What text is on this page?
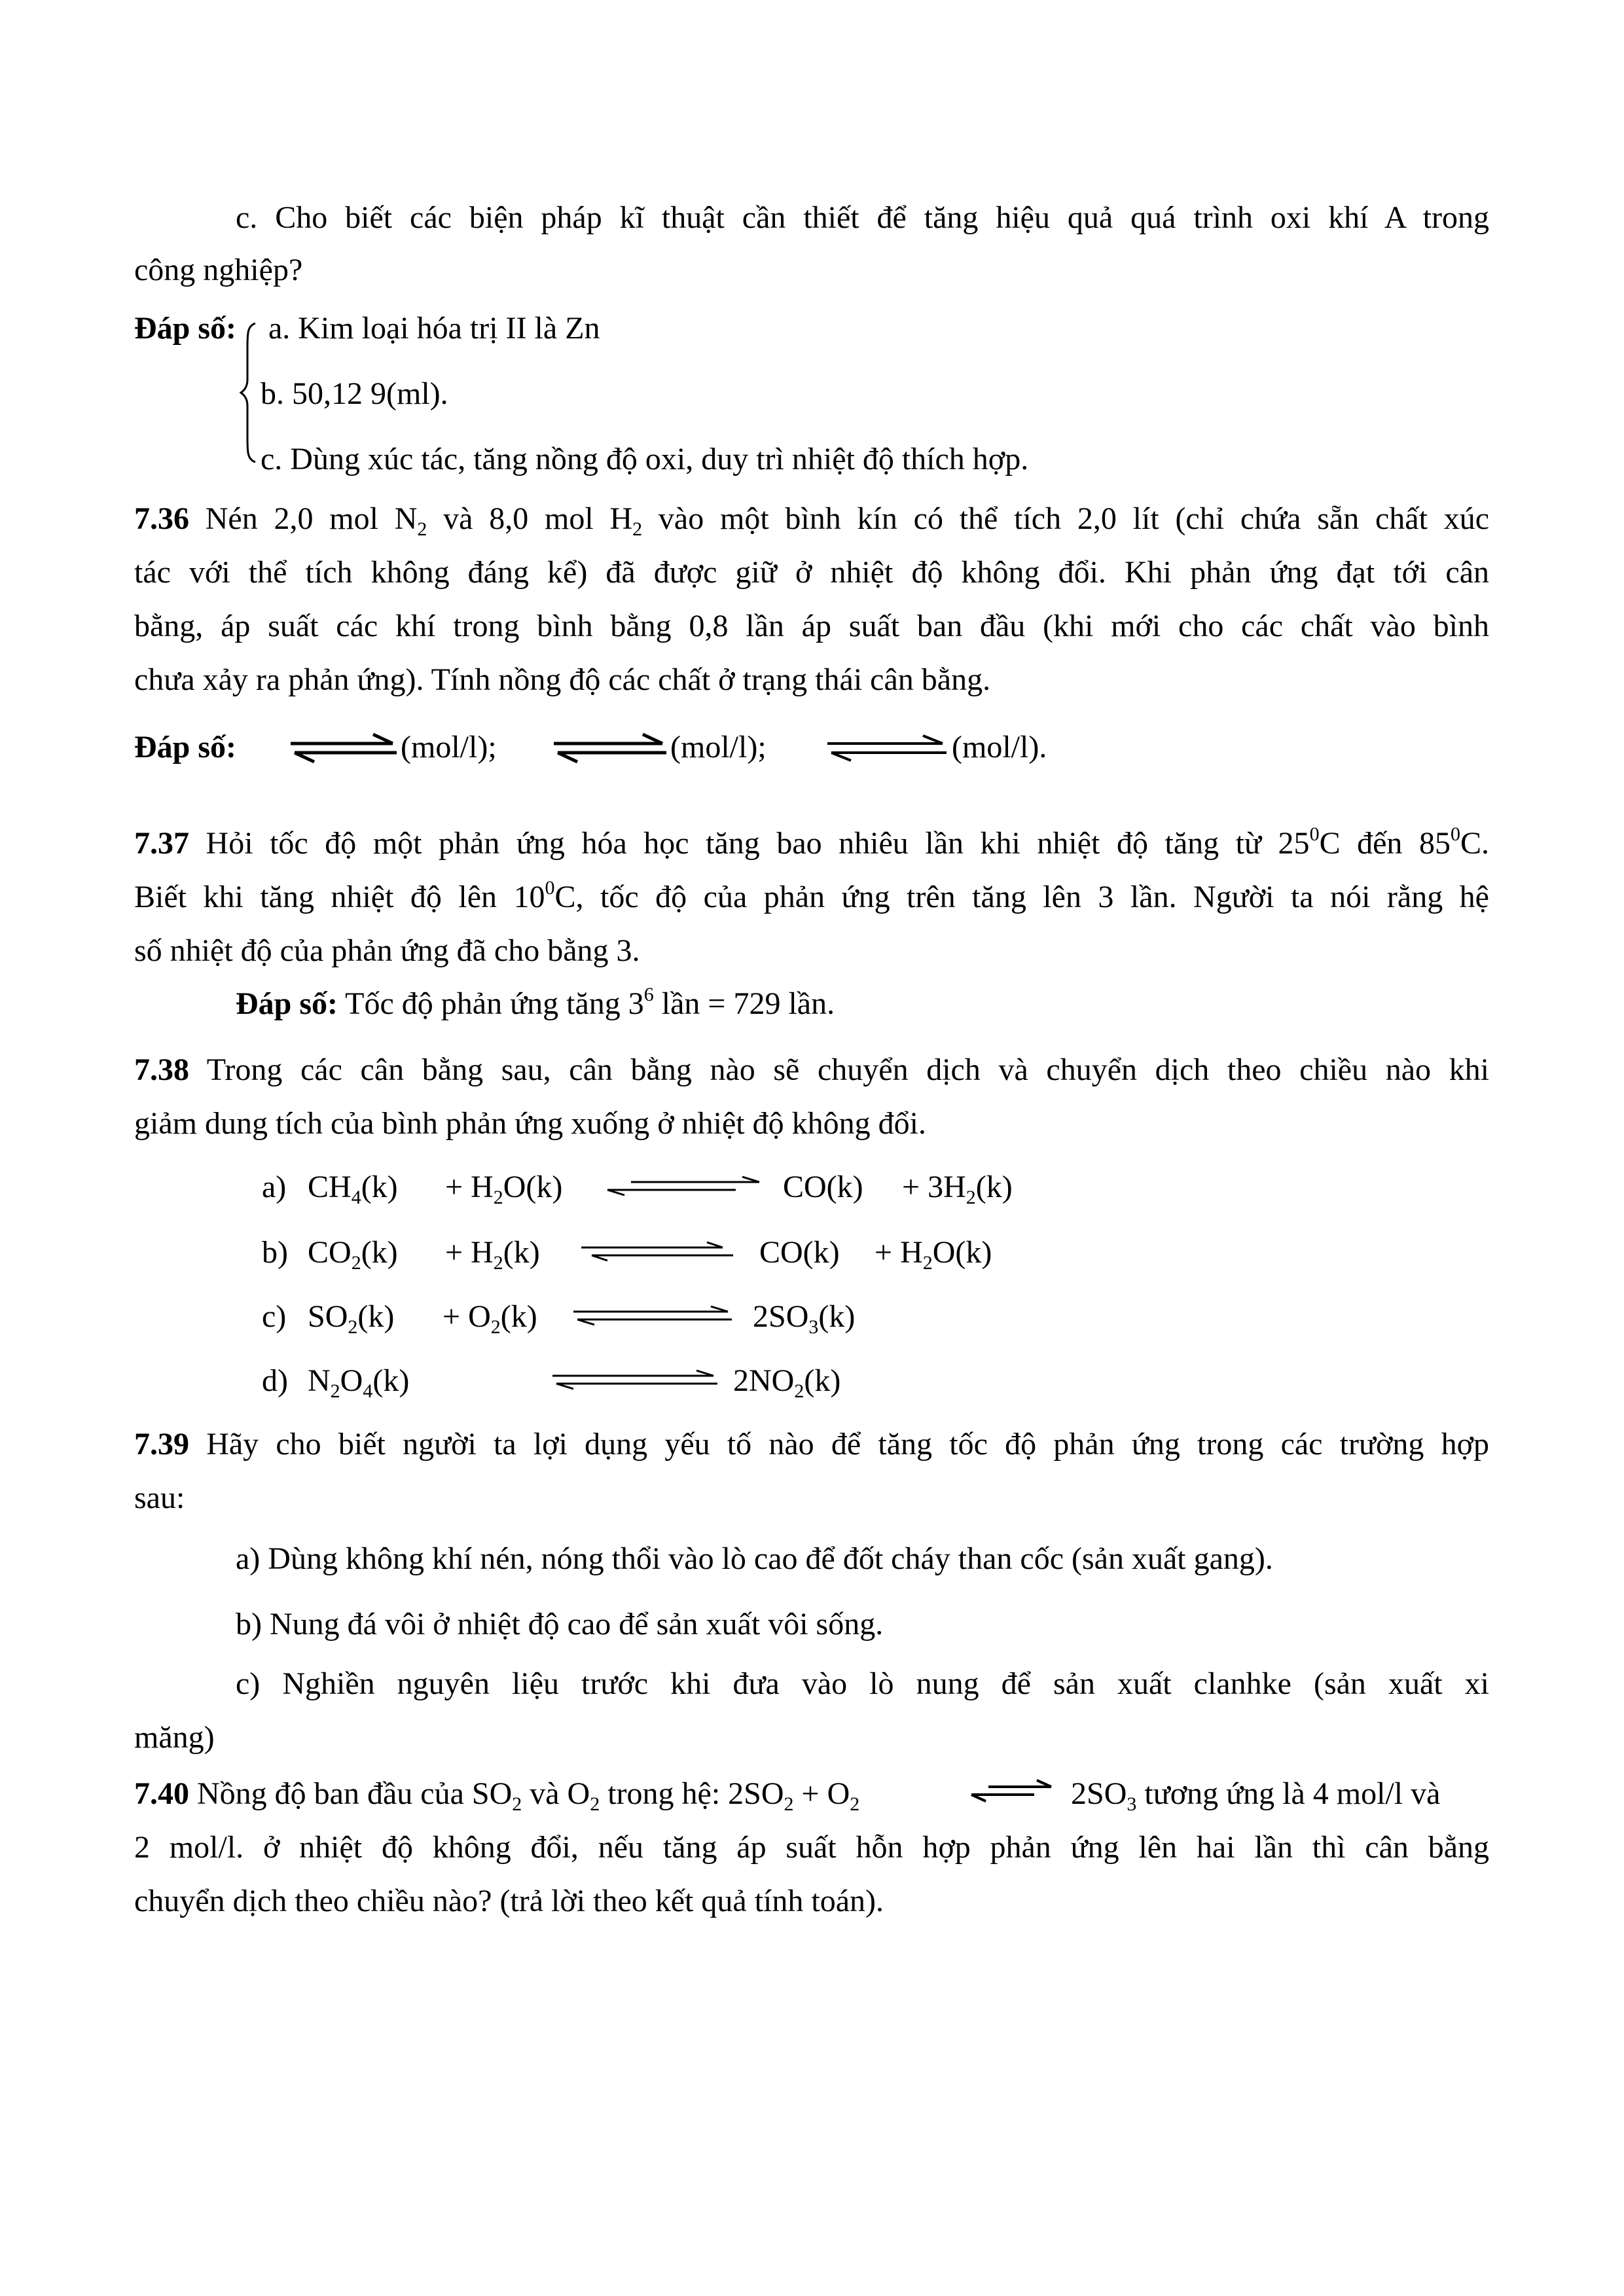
c. Cho biết các biện pháp kĩ thuật cần thiết để tăng hiệu quả quá trình oxi khí A trong
công nghiệp?
Đáp số: a. Kim loại hóa trị II là Zn
b. 50,12 9(ml).
c. Dùng xúc tác, tăng nồng độ oxi, duy trì nhiệt độ thích hợp.
7.36 Nén 2,0 mol $N_2$ và 8,0 mol $H_2$ vào một bình kín có thể tích 2,0 lít (chỉ chứa sẵn chất xúc
tác với thể tích không đáng kể) đã được giữ ở nhiệt độ không đổi. Khi phản ứng đạt tới cân
bằng, áp suất các khí trong bình bằng 0,8 lần áp suất ban đầu (khi mới cho các chất vào bình
chưa xảy ra phản ứng). Tính nồng độ các chất ở trạng thái cân bằng.
Đáp số: ⇌ (mol/l); ⇌ (mol/l); ⇌ (mol/l).
7.37 Hỏi tốc độ một phản ứng hóa học tăng bao nhiêu lần khi nhiệt độ tăng từ $25^0C$ đến $85^0C$.
Biết khi tăng nhiệt độ lên $10^0C$, tốc độ của phản ứng trên tăng lên 3 lần. Người ta nói rằng hệ
số nhiệt độ của phản ứng đã cho bằng 3.
Đáp số: Tốc độ phản ứng tăng $3^6$ lần = 729 lần.
7.38 Trong các cân bằng sau, cân bằng nào sẽ chuyển dịch và chuyển dịch theo chiều nào khi
giảm dung tích của bình phản ứng xuống ở nhiệt độ không đổi.
a) $CH_4(k) + H_2O(k)$	$CO(k) + 3H_2(k)$
b) $CO_2(k) + H_2(k)$	$CO(k) + H_2O(k)$
c) $SO_2(k) + O_2(k)$	$2SO_3(k)$
d) $N_2O_4(k)$	$2NO_2(k)$
7.39 Hãy cho biết người ta lợi dụng yếu tố nào để tăng tốc độ phản ứng trong các trường hợp
sau:
a) Dùng không khí nén, nóng thổi vào lò cao để đốt cháy than cốc (sản xuất gang).
b) Nung đá vôi ở nhiệt độ cao để sản xuất vôi sống.
c) Nghiền nguyên liệu trước khi đưa vào lò nung để sản xuất clanhke (sản xuất xi
măng)
7.40 Nồng độ ban đầu của $SO_2$ và $O_2$ trong hệ: $2SO_2 + O_2$	⇌ $2SO_3$ tương ứng là 4 mol/l và
2 mol/l. ở nhiệt độ không đổi, nếu tăng áp suất hỗn hợp phản ứng lên hai lần thì cân bằng
chuyển dịch theo chiều nào? (trả lời theo kết quả tính toán).
